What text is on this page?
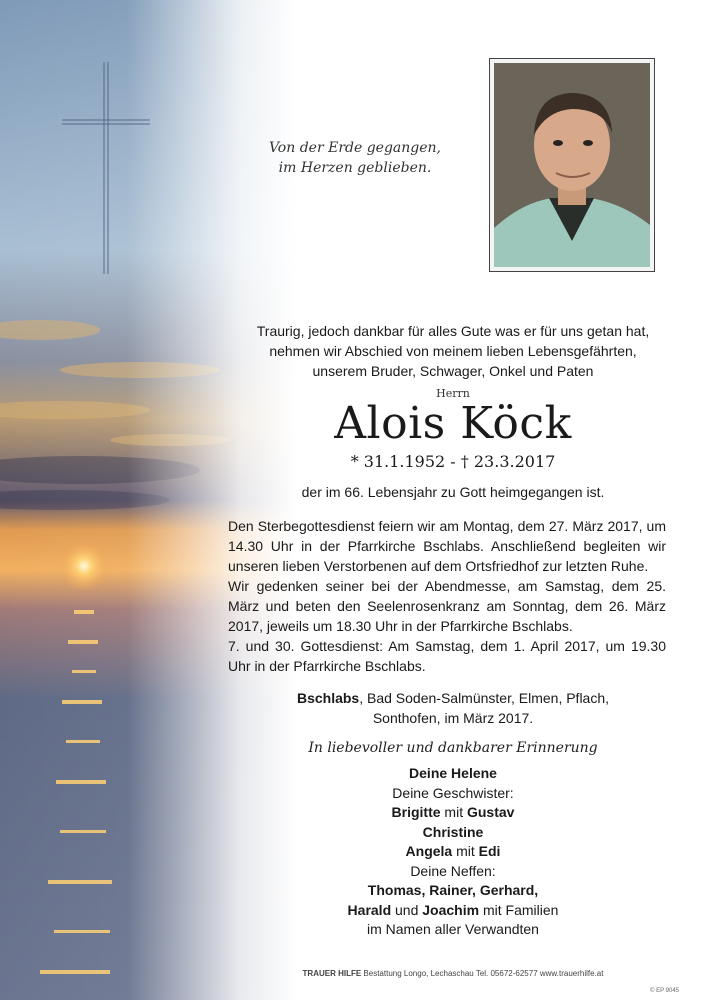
Von der Erde gegangen,
im Herzen geblieben.
Traurig, jedoch dankbar für alles Gute was er für uns getan hat,
nehmen wir Abschied von meinem lieben Lebensgefährten,
unserem Bruder, Schwager, Onkel und Paten
Herrn
Alois Köck
* 31.1.1952 - † 23.3.2017
der im 66. Lebensjahr zu Gott heimgegangen ist.
Den Sterbegottesdienst feiern wir am Montag, dem 27. März 2017, um 14.30 Uhr in der Pfarrkirche Bschlabs. Anschließend begleiten wir unseren lieben Verstorbenen auf dem Ortsfriedhof zur letzten Ruhe.
Wir gedenken seiner bei der Abendmesse, am Samstag, dem 25. März und beten den Seelenrosenkranz am Sonntag, dem 26. März 2017, jeweils um 18.30 Uhr in der Pfarrkirche Bschlabs.
7. und 30. Gottesdienst: Am Samstag, dem 1. April 2017, um 19.30 Uhr in der Pfarrkirche Bschlabs.
Bschlabs, Bad Soden-Salmünster, Elmen, Pflach,
Sonthofen, im März 2017.
In liebevoller und dankbarer Erinnerung
Deine Helene
Deine Geschwister:
Brigitte mit Gustav
Christine
Angela mit Edi
Deine Neffen:
Thomas, Rainer, Gerhard,
Harald und Joachim mit Familien
im Namen aller Verwandten
TRAUER HILFE Bestattung Longo, Lechaschau Tel. 05672-62577 www.trauerhilfe.at
© EP 9045
